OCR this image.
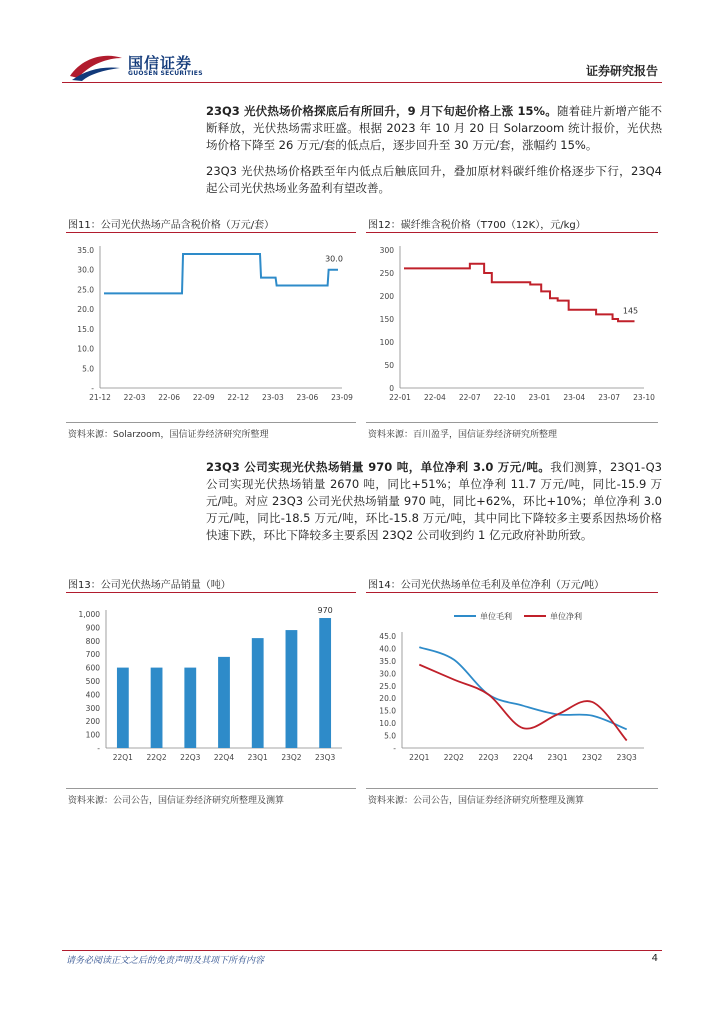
国信证券
GUOSEN SECURITIES	证券研究报告
23Q3 光伏热场价格探底后有所回升，9 月下旬起价格上涨 15%。随着硅片新增产能不断释放，光伏热场需求旺盛。根据 2023 年 10 月 20 日 Solarzoom 统计报价，光伏热场价格下降至 26 万元/套的低点后，逐步回升至 30 万元/套，涨幅约 15%。
23Q3 光伏热场价格跌至年内低点后触底回升，叠加原材料碳纤维价格逐步下行，23Q4 起公司光伏热场业务盈利有望改善。
图11：公司光伏热场产品含税价格（万元/套）
-
5.0
10.0
15.0
20.0
25.0
30.0
35.0
21-12 22-03 22-06 22-09 22-12 23-03 23-06 23-09
30.0
资料来源：Solarzoom，国信证券经济研究所整理
图12：碳纤维含税价格（T700（12K），元/kg）
0
50
100
150
200
250
300
22-01 22-04 22-07 22-10 23-01 23-04 23-07 23-10
145
资料来源：百川盈孚，国信证券经济研究所整理
23Q3 公司实现光伏热场销量 970 吨，单位净利 3.0 万元/吨。我们测算，23Q1-Q3 公司实现光伏热场销量 2670 吨，同比+51%；单位净利 11.7 万元/吨，同比-15.9 万元/吨。对应 23Q3 公司光伏热场销量 970 吨，同比+62%，环比+10%；单位净利 3.0 万元/吨，同比-18.5 万元/吨，环比-15.8 万元/吨，其中同比下降较多主要系因热场价格快速下跌，环比下降较多主要系因 23Q2 公司收到约 1 亿元政府补助所致。
图13：公司光伏热场产品销量（吨）
-
100
200
300
400
500
600
700
800
900
1,000
22Q1 22Q2 22Q3 22Q4 23Q1 23Q2 23Q3
970
资料来源：公司公告，国信证券经济研究所整理及测算
图14：公司光伏热场单位毛利及单位净利（万元/吨）
-
5.0
10.0
15.0
20.0
25.0
30.0
35.0
40.0
45.0
22Q1 22Q2 22Q3 22Q4 23Q1 23Q2 23Q3
单位毛利	单位净利
资料来源：公司公告，国信证券经济研究所整理及测算
请务必阅读正文之后的免责声明及其项下所有内容	4
